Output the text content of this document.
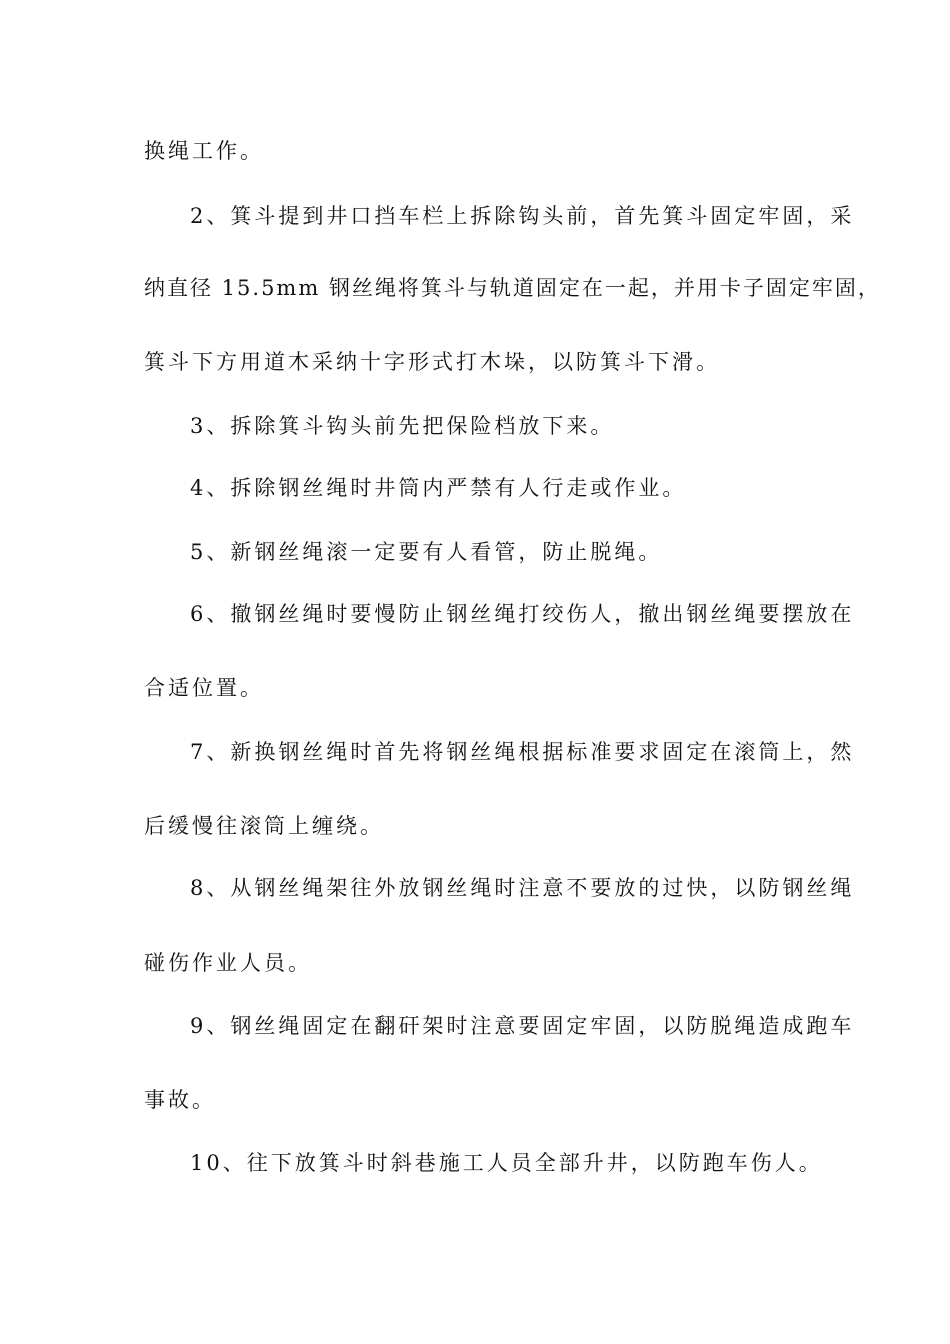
换绳工作。
2、箕斗提到井口挡车栏上拆除钩头前，首先箕斗固定牢固，采
纳直径 15.5mm 钢丝绳将箕斗与轨道固定在一起，并用卡子固定牢固，
箕斗下方用道木采纳十字形式打木垛，以防箕斗下滑。
3、拆除箕斗钩头前先把保险档放下来。
4、拆除钢丝绳时井筒内严禁有人行走或作业。
5、新钢丝绳滚一定要有人看管，防止脱绳。
6、撤钢丝绳时要慢防止钢丝绳打绞伤人，撤出钢丝绳要摆放在
合适位置。
7、新换钢丝绳时首先将钢丝绳根据标准要求固定在滚筒上，然
后缓慢往滚筒上缠绕。
8、从钢丝绳架往外放钢丝绳时注意不要放的过快，以防钢丝绳
碰伤作业人员。
9、钢丝绳固定在翻矸架时注意要固定牢固，以防脱绳造成跑车
事故。
10、往下放箕斗时斜巷施工人员全部升井，以防跑车伤人。
